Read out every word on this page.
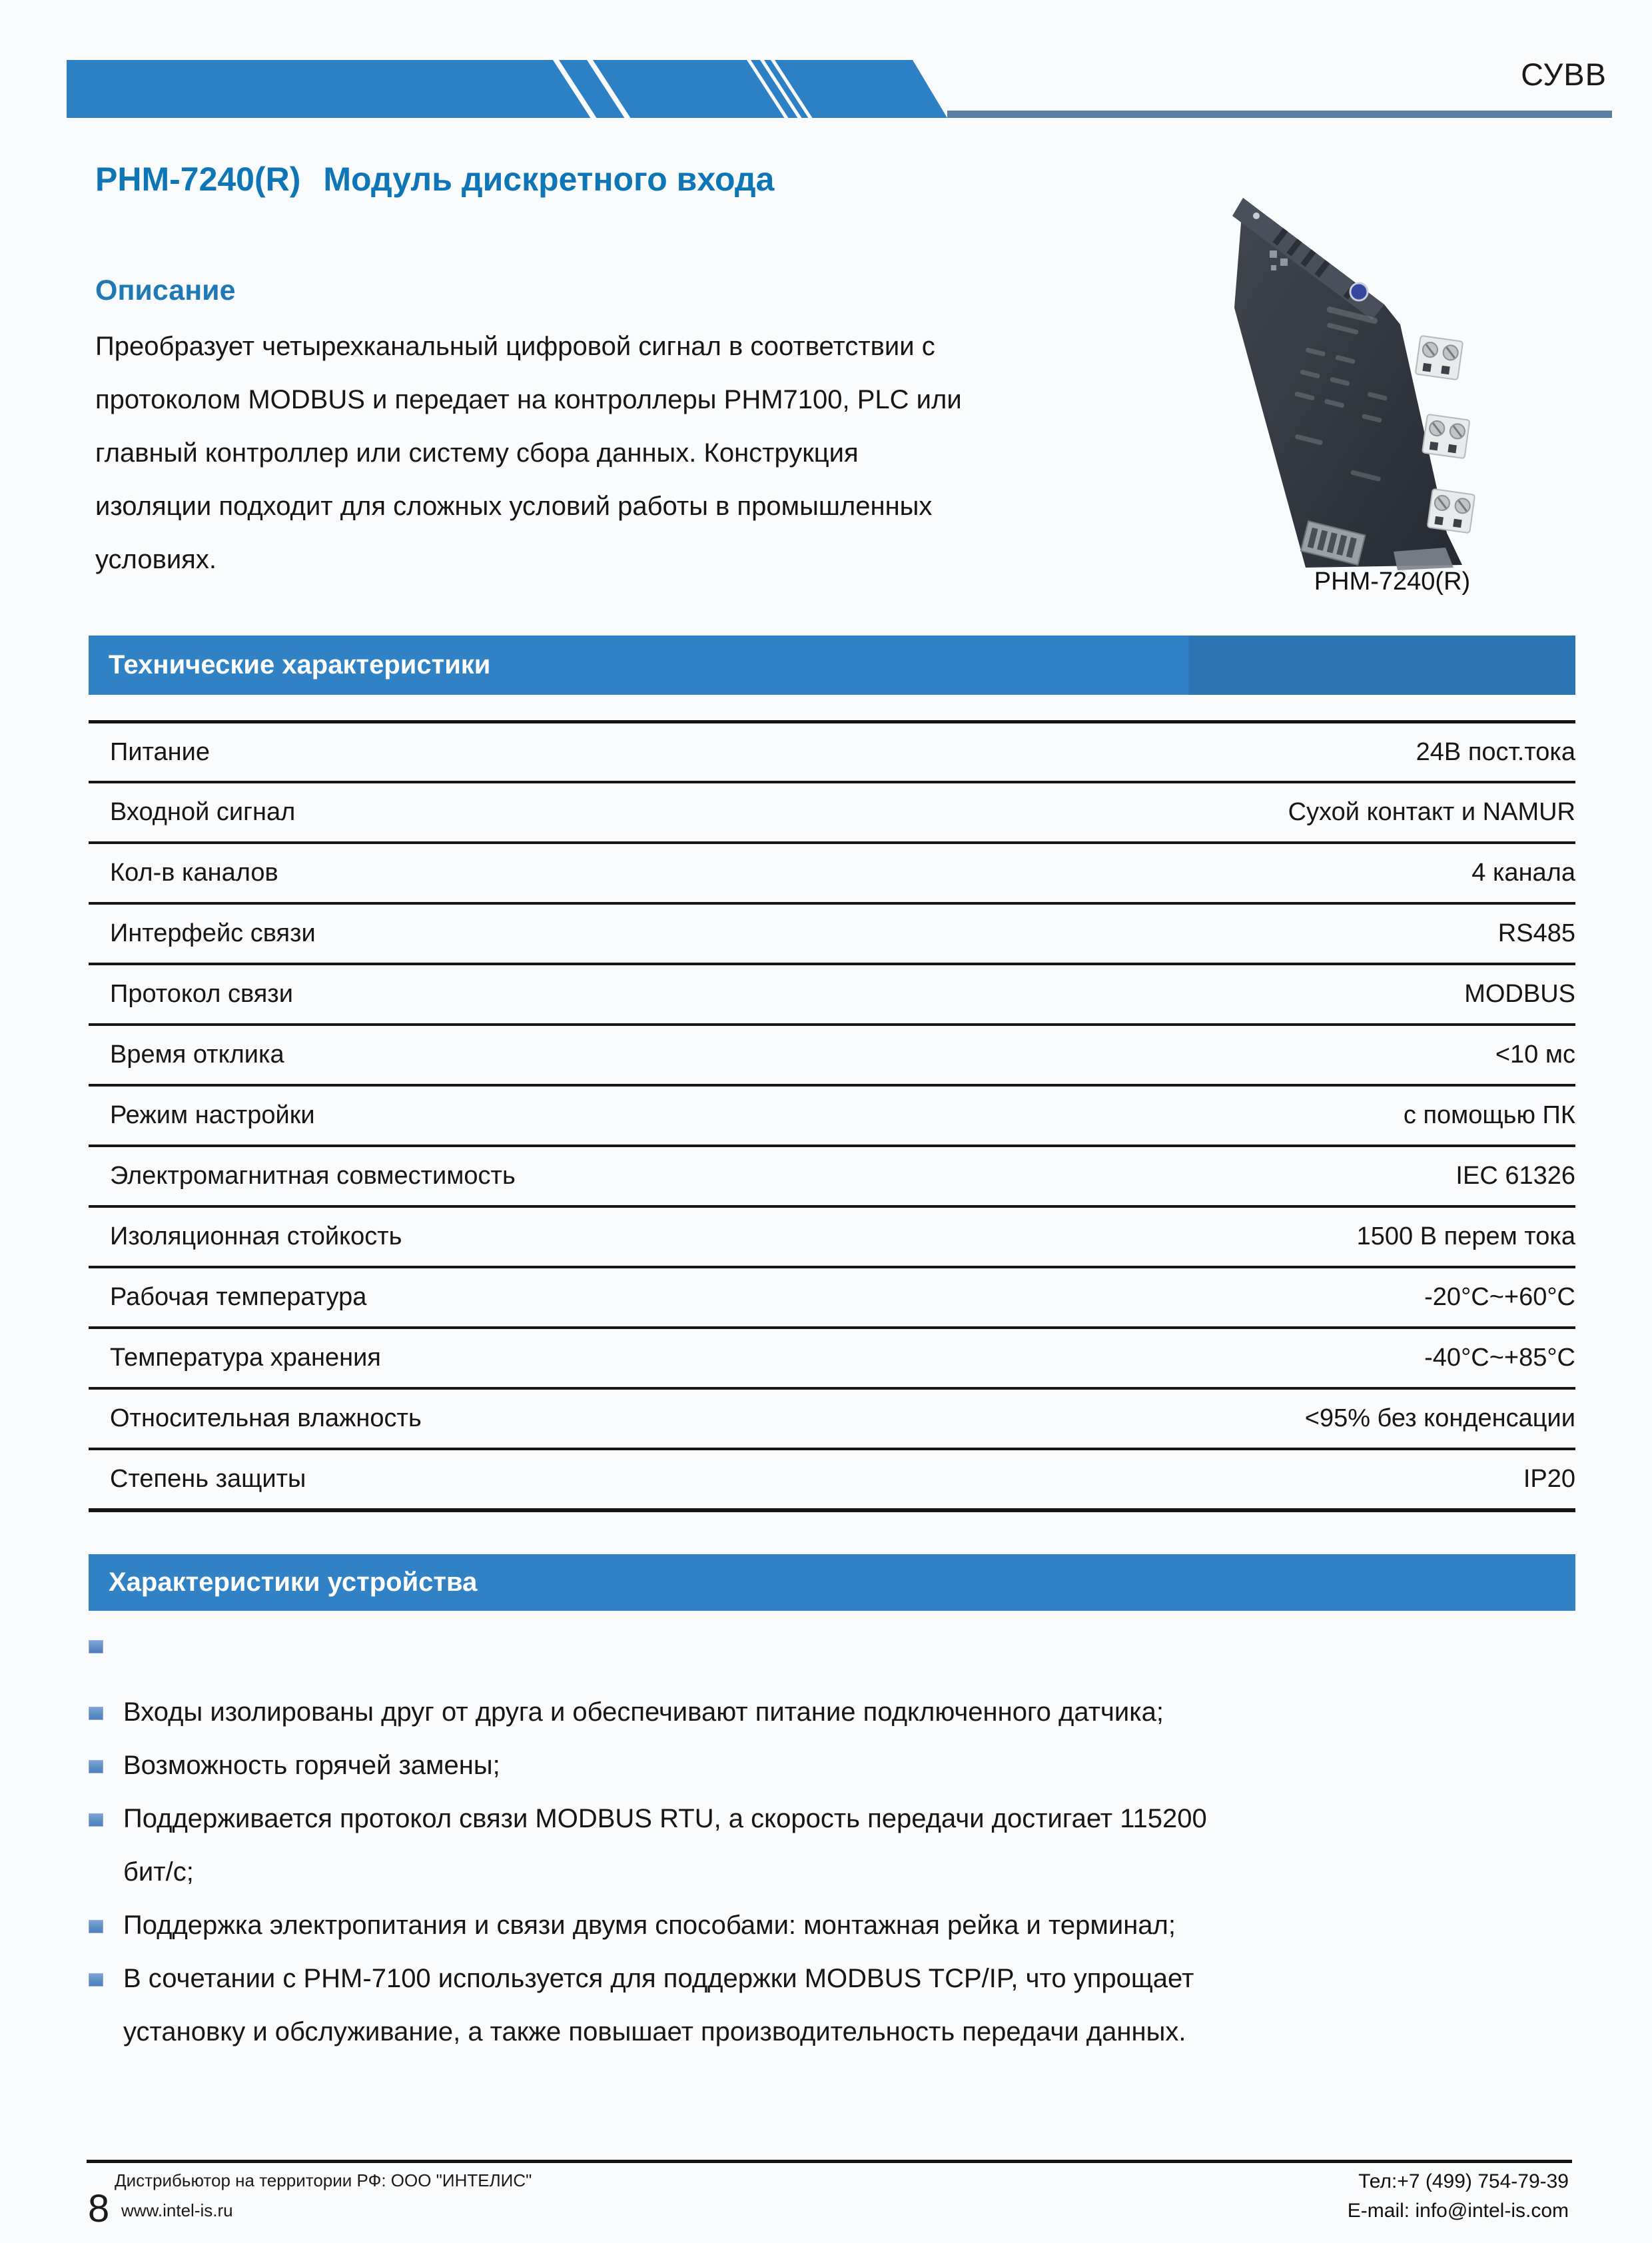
СУВВ
PHM-7240(R) Модуль дискретного входа
Описание
Преобразует четырехканальный цифровой сигнал в соответствии с
протоколом MODBUS и передает на контроллеры PHM7100, PLC или
главный контроллер или систему сбора данных. Конструкция
изоляции подходит для сложных условий работы в промышленных
условиях.
PHM-7240(R)
Технические характеристики
Питание	24В пост.тока
Входной сигнал	Сухой контакт и NAMUR
Кол-в каналов	4 канала
Интерфейс связи	RS485
Протокол связи	MODBUS
Время отклика	<10 мс
Режим настройки	с помощью ПК
Электромагнитная совместимость	IEC 61326
Изоляционная стойкость	1500 В перем тока
Рабочая температура	-20°C~+60°C
Температура хранения	-40°C~+85°C
Относительная влажность	<95% без конденсации
Степень защиты	IP20
Характеристики устройства
Входы изолированы друг от друга и обеспечивают питание подключенного датчика;
Возможность горячей замены;
Поддерживается протокол связи MODBUS RTU, а скорость передачи достигает 115200
бит/с;
Поддержка электропитания и связи двумя способами: монтажная рейка и терминал;
В сочетании с PHM-7100 используется для поддержки MODBUS TCP/IP, что упрощает
установку и обслуживание, а также повышает производительность передачи данных.
Дистрибьютор на территории РФ: ООО "ИНТЕЛИС"
8 www.intel-is.ru
Тел:+7 (499) 754-79-39
E-mail: info@intel-is.com
